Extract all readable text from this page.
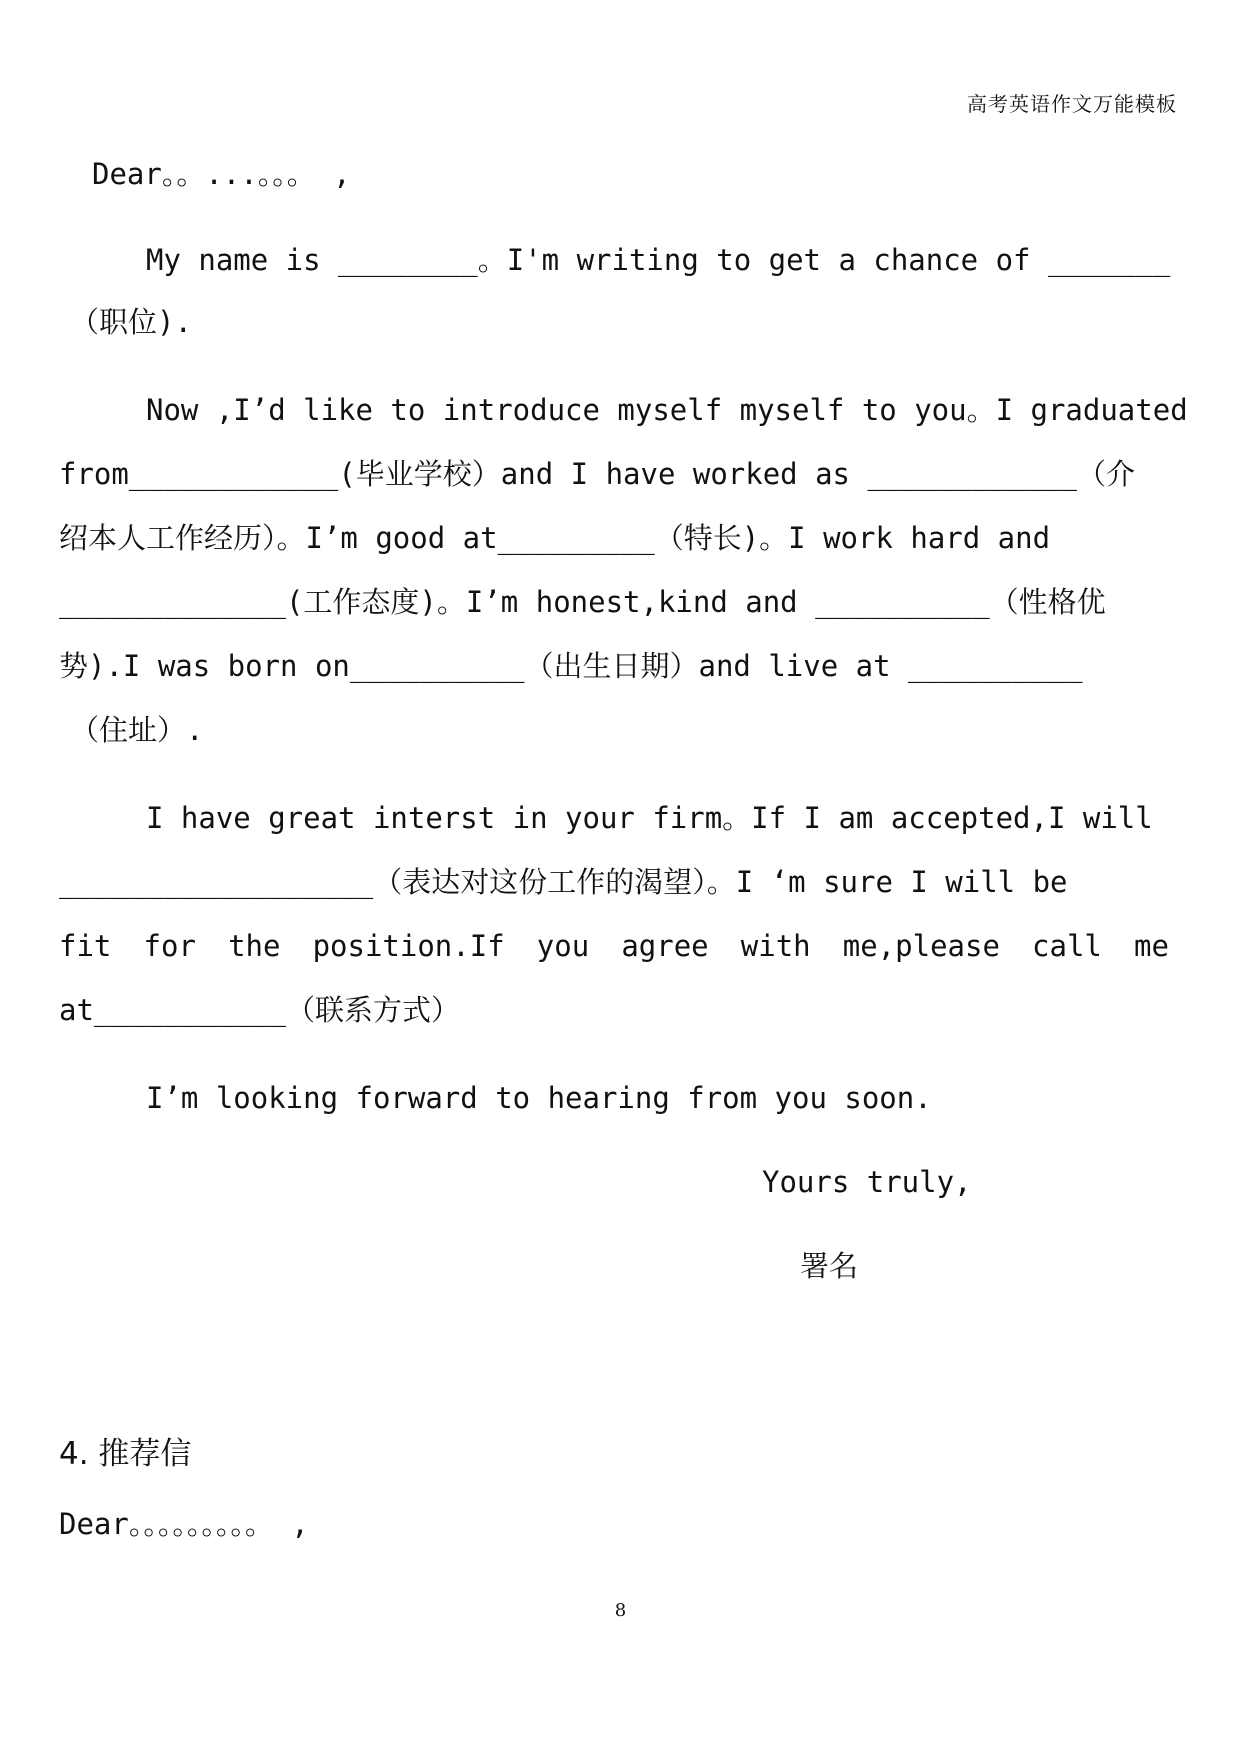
高考英语作文万能模板
Dear。。...。。。 ,
My name is ________。I'm writing to get a chance of _______
（职位).
Now ,I’d like to introduce myself myself to you。I graduated
from____________(毕业学校）and I have worked as ____________（介
绍本人工作经历）。I’m good at_________（特长)。I work hard and
_____________(工作态度)。I’m honest,kind and __________（性格优
势).I was born on__________（出生日期）and live at __________
（住址）.
I have great interst in your firm。If I am accepted,I will
__________________（表达对这份工作的渴望）。I ‘m sure I will be
fit for the position.If you agree with me,please call me
at___________（联系方式）
I’m looking forward to hearing from you soon.
Yours truly,
署名
4. 推荐信
Dear。。。。。。。。。 ,
8
